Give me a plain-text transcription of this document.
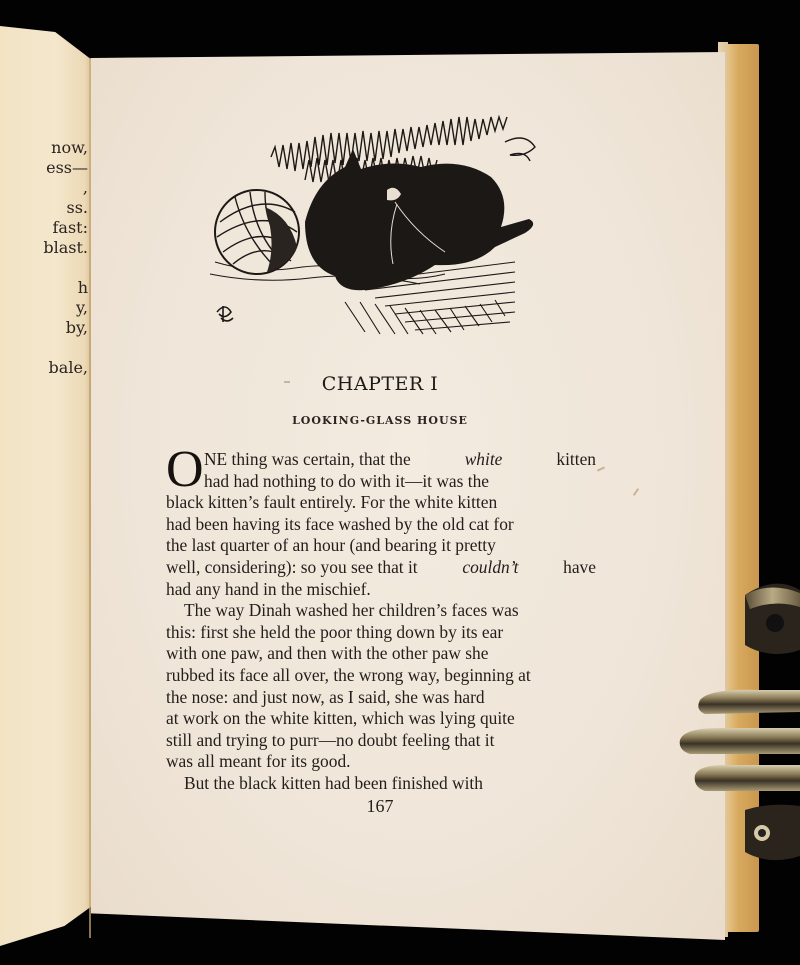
now,
ess—
,
ss.
fast:
blast.
h
y,
by,
bale,
CHAPTER I
LOOKING-GLASS HOUSE
O NE thing was certain, that the	white	kitten
had had nothing to do with it—it was the
black kitten’s fault entirely. For the white kitten
had been having its face washed by the old cat for
the last quarter of an hour (and bearing it pretty
well, considering): so you see that it	couldn’t	have
had any hand in the mischief.
The way Dinah washed her children’s faces was
this: first she held the poor thing down by its ear
with one paw, and then with the other paw she
rubbed its face all over, the wrong way, beginning at
the nose: and just now, as I said, she was hard
at work on the white kitten, which was lying quite
still and trying to purr—no doubt feeling that it
was all meant for its good.
But the black kitten had been finished with
167
